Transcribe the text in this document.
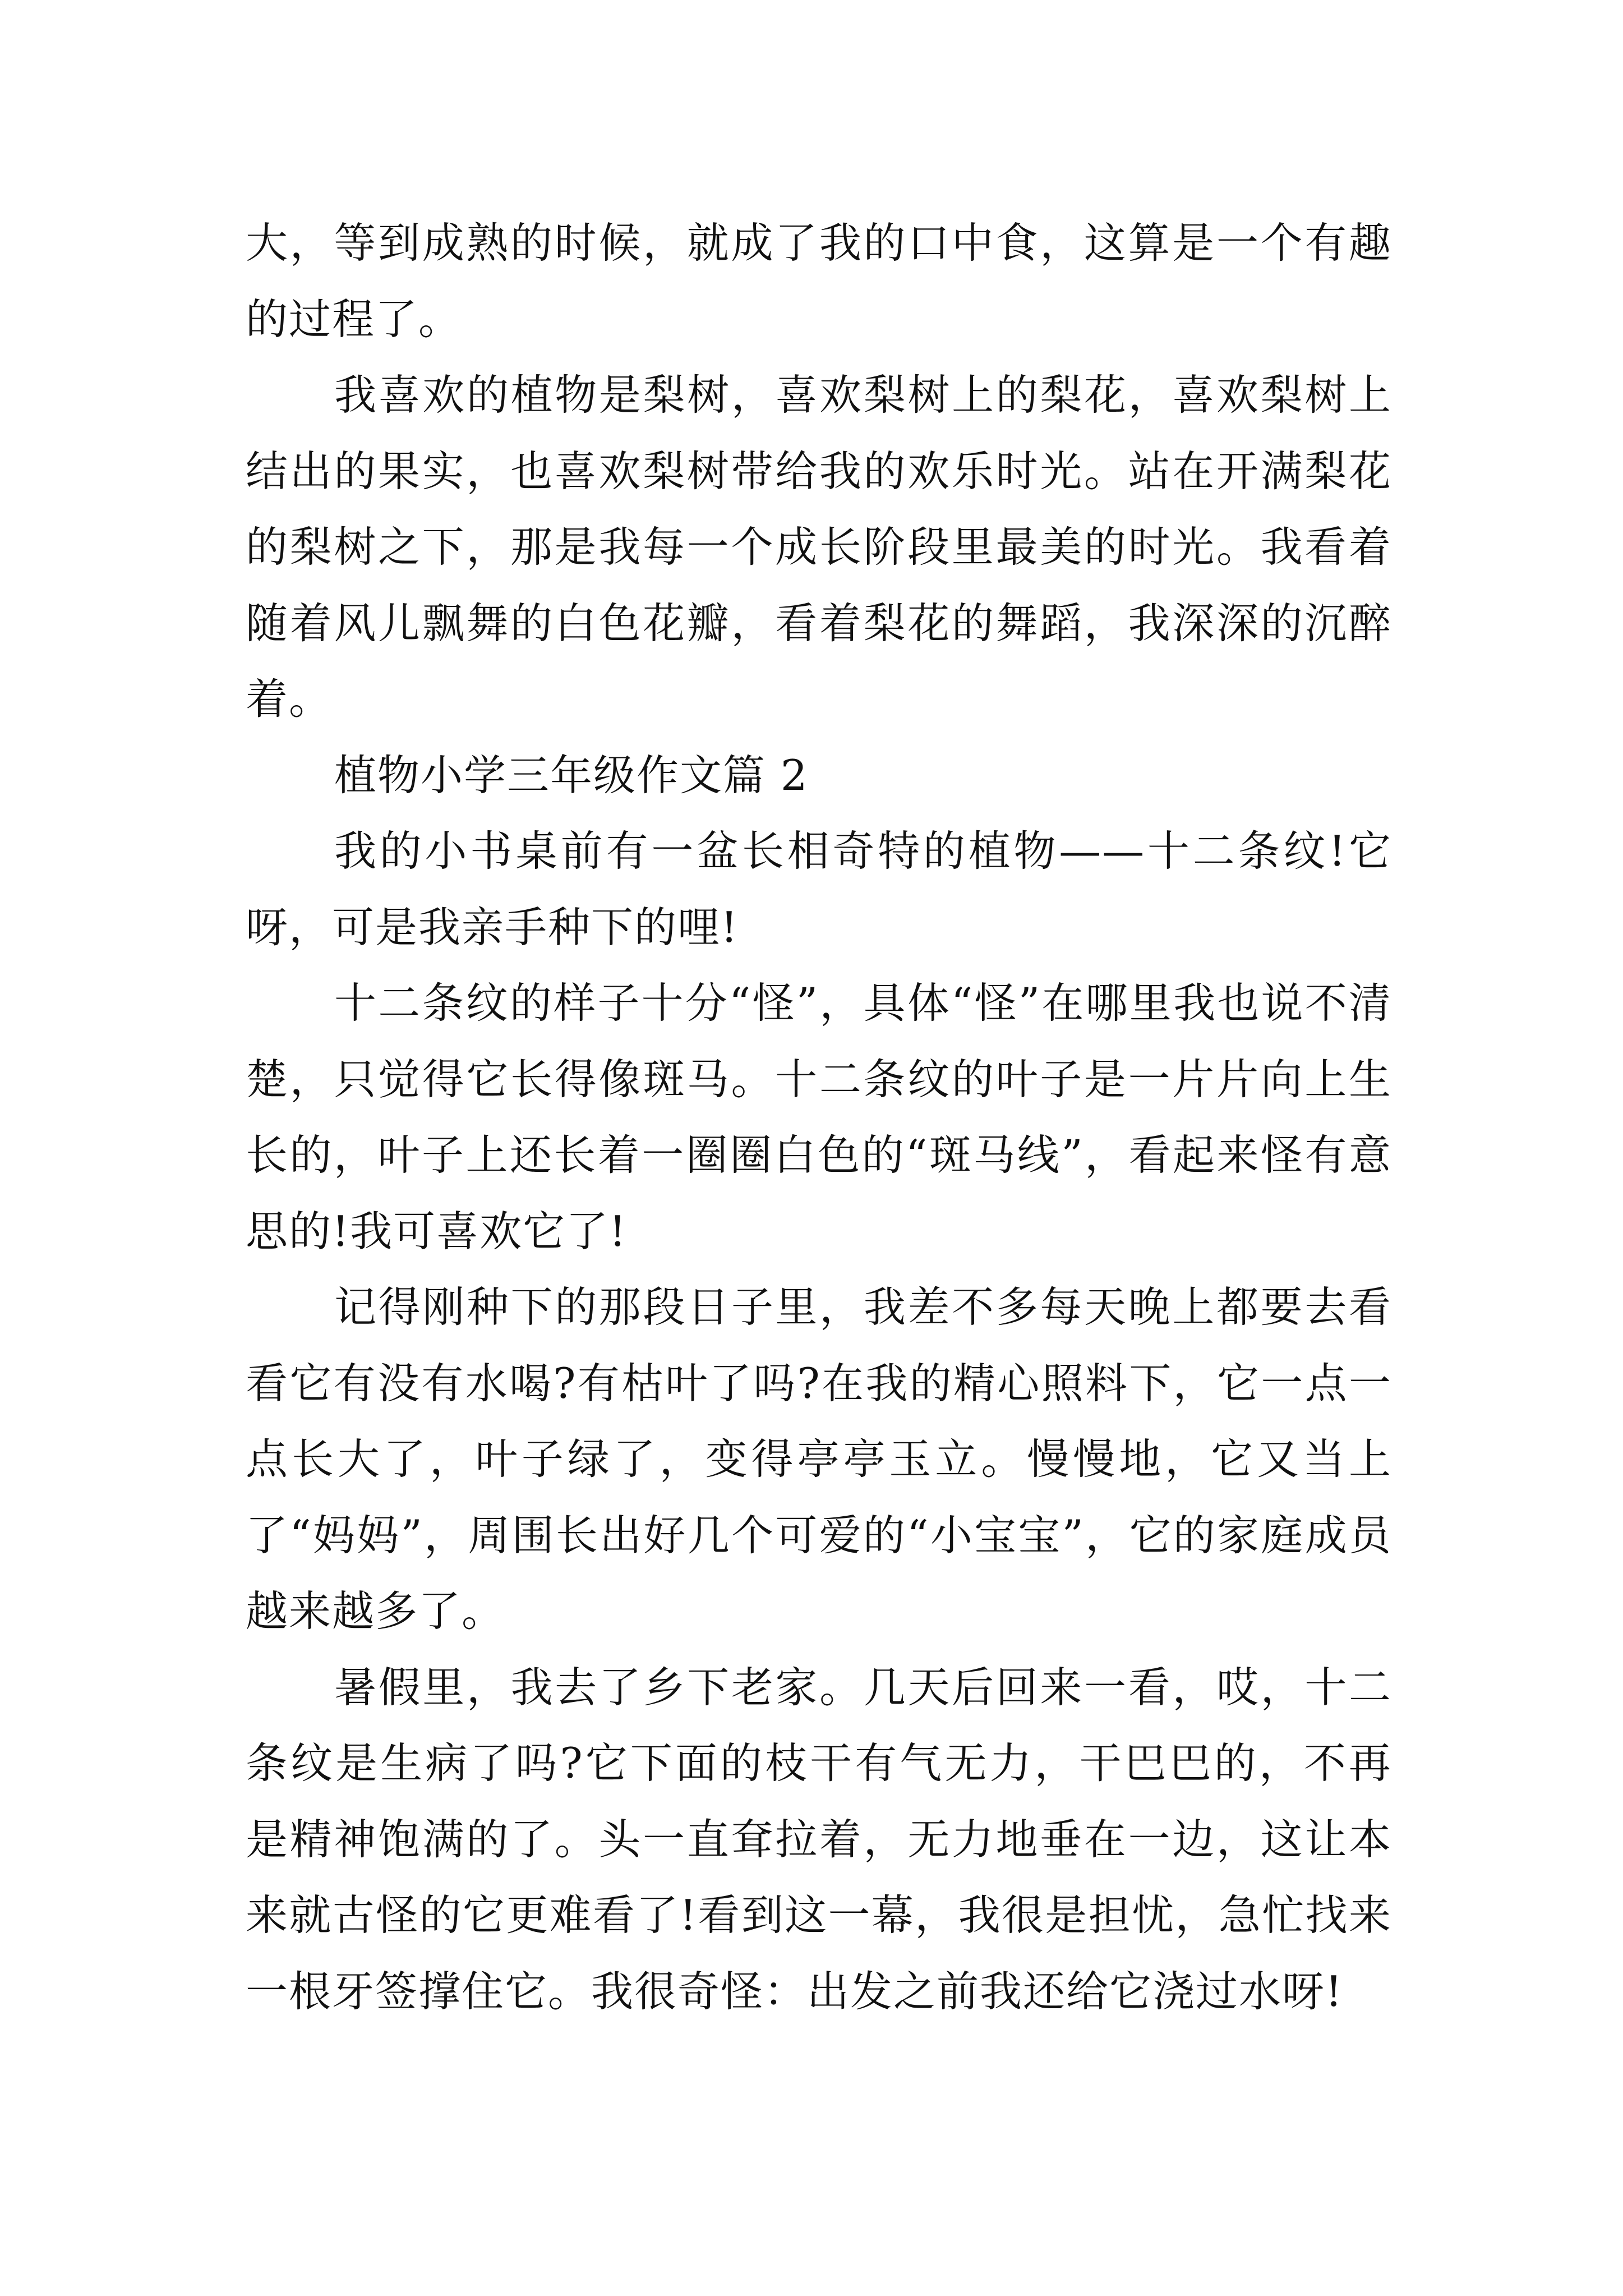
大，等到成熟的时候，就成了我的口中食，这算是一个有趣的过程了。

我喜欢的植物是梨树，喜欢梨树上的梨花，喜欢梨树上结出的果实，也喜欢梨树带给我的欢乐时光。站在开满梨花的梨树之下，那是我每一个成长阶段里最美的时光。我看着随着风儿飘舞的白色花瓣，看着梨花的舞蹈，我深深的沉醉着。

植物小学三年级作文篇 2

我的小书桌前有一盆长相奇特的植物——十二条纹!它呀，可是我亲手种下的哩!

十二条纹的样子十分“怪”，具体“怪”在哪里我也说不清楚，只觉得它长得像斑马。十二条纹的叶子是一片片向上生长的，叶子上还长着一圈圈白色的“斑马线”，看起来怪有意思的!我可喜欢它了!

记得刚种下的那段日子里，我差不多每天晚上都要去看看它有没有水喝?有枯叶了吗?在我的精心照料下，它一点一点长大了，叶子绿了，变得亭亭玉立。慢慢地，它又当上了“妈妈”，周围长出好几个可爱的“小宝宝”，它的家庭成员越来越多了。

暑假里，我去了乡下老家。几天后回来一看，哎，十二条纹是生病了吗?它下面的枝干有气无力，干巴巴的，不再是精神饱满的了。头一直耷拉着，无力地垂在一边，这让本来就古怪的它更难看了!看到这一幕，我很是担忧，急忙找来一根牙签撑住它。我很奇怪：出发之前我还给它浇过水呀!
